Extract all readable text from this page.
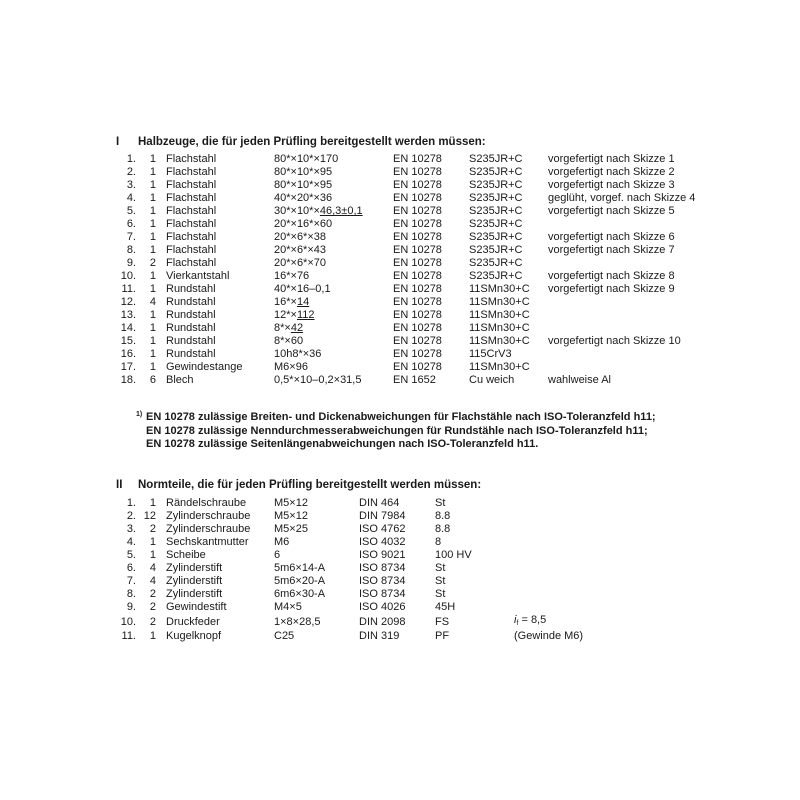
I Halbzeuge, die für jeden Prüfling bereitgestellt werden müssen:
1.	1	Flachstahl	80*×10*×170	EN 10278	S235JR+C	vorgefertigt nach Skizze 1
2.	1	Flachstahl	80*×10*×95	EN 10278	S235JR+C	vorgefertigt nach Skizze 2
3.	1	Flachstahl	80*×10*×95	EN 10278	S235JR+C	vorgefertigt nach Skizze 3
4.	1	Flachstahl	40*×20*×36	EN 10278	S235JR+C	geglüht, vorgef. nach Skizze 4
5.	1	Flachstahl	30*×10*×46,3±0,1	EN 10278	S235JR+C	vorgefertigt nach Skizze 5
6.	1	Flachstahl	20*×16*×60	EN 10278	S235JR+C	
7.	1	Flachstahl	20*×6*×38	EN 10278	S235JR+C	vorgefertigt nach Skizze 6
8.	1	Flachstahl	20*×6*×43	EN 10278	S235JR+C	vorgefertigt nach Skizze 7
9.	2	Flachstahl	20*×6*×70	EN 10278	S235JR+C	
10.	1	Vierkantstahl	16*×76	EN 10278	S235JR+C	vorgefertigt nach Skizze 8
11.	1	Rundstahl	40*×16–0,1	EN 10278	11SMn30+C	vorgefertigt nach Skizze 9
12.	4	Rundstahl	16*×14	EN 10278	11SMn30+C	
13.	1	Rundstahl	12*×112	EN 10278	11SMn30+C	
14.	1	Rundstahl	8*×42	EN 10278	11SMn30+C	
15.	1	Rundstahl	8*×60	EN 10278	11SMn30+C	vorgefertigt nach Skizze 10
16.	1	Rundstahl	10h8*×36	EN 10278	115CrV3	
17.	1	Gewindestange	M6×96	EN 10278	11SMn30+C	
18.	6	Blech	0,5*×10–0,2×31,5	EN 1652	Cu weich	wahlweise Al
1) EN 10278 zulässige Breiten- und Dickenabweichungen für Flachstähle nach ISO-Toleranzfeld h11;
EN 10278 zulässige Nenndurchmesserabweichungen für Rundstähle nach ISO-Toleranzfeld h11;
EN 10278 zulässige Seitenlängenabweichungen nach ISO-Toleranzfeld h11.
II Normteile, die für jeden Prüfling bereitgestellt werden müssen:
1.	1	Rändelschraube	M5×12	DIN 464	St	
2.	12	Zylinderschraube	M5×12	DIN 7984	8.8	
3.	2	Zylinderschraube	M5×25	ISO 4762	8.8	
4.	1	Sechskantmutter	M6	ISO 4032	8	
5.	1	Scheibe	6	ISO 9021	100 HV	
6.	4	Zylinderstift	5m6×14-A	ISO 8734	St	
7.	4	Zylinderstift	5m6×20-A	ISO 8734	St	
8.	2	Zylinderstift	6m6×30-A	ISO 8734	St	
9.	2	Gewindestift	M4×5	ISO 4026	45H	
10.	2	Druckfeder	1×8×28,5	DIN 2098	FS	$i_f = 8,5$
11.	1	Kugelknopf	C25	DIN 319	PF	(Gewinde M6)
